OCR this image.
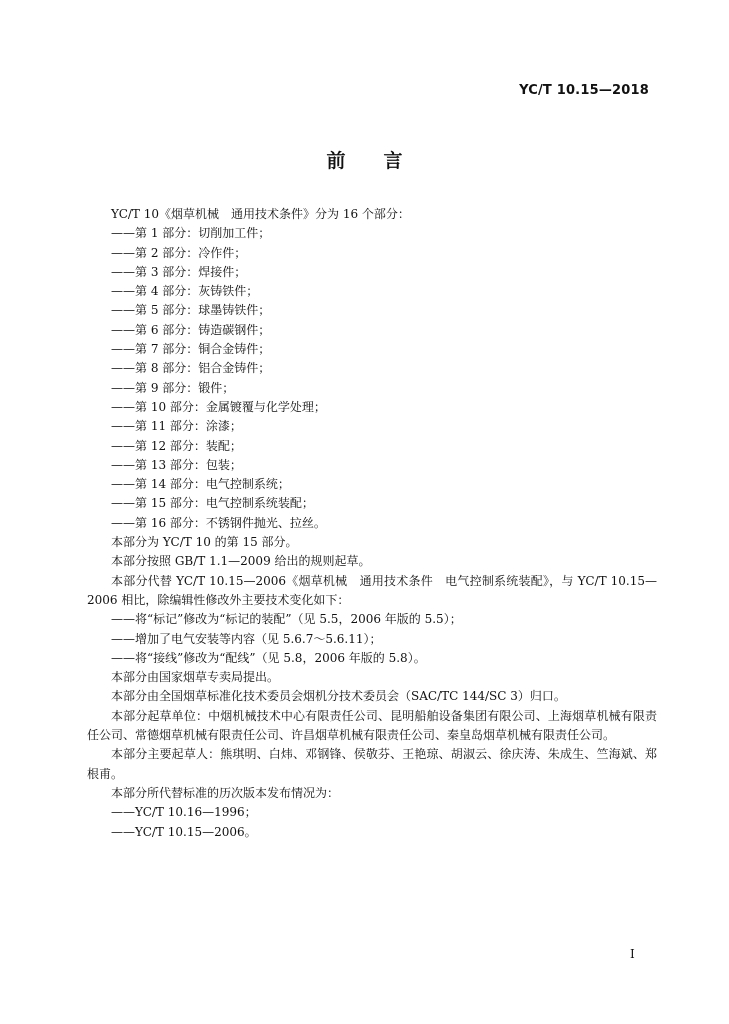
YC/T 10.15—2018
前言

YC/T 10《烟草机械　通用技术条件》分为 16 个部分：

——第 1 部分：切削加工件；

——第 2 部分：冷作件；

——第 3 部分：焊接件；

——第 4 部分：灰铸铁件；

——第 5 部分：球墨铸铁件；

——第 6 部分：铸造碳钢件；

——第 7 部分：铜合金铸件；

——第 8 部分：铝合金铸件；

——第 9 部分：锻件；

——第 10 部分：金属镀覆与化学处理；

——第 11 部分：涂漆；

——第 12 部分：装配；

——第 13 部分：包装；

——第 14 部分：电气控制系统；

——第 15 部分：电气控制系统装配；

——第 16 部分：不锈钢件抛光、拉丝。

本部分为 YC/T 10 的第 15 部分。

本部分按照 GB/T 1.1—2009 给出的规则起草。

本部分代替 YC/T 10.15—2006《烟草机械　通用技术条件　电气控制系统装配》，与 YC/T 10.15—2006 相比，除编辑性修改外主要技术变化如下：

——将“标记”修改为“标记的装配”（见 5.5，2006 年版的 5.5）；

——增加了电气安装等内容（见 5.6.7～5.6.11）；

——将“接线”修改为“配线”（见 5.8，2006 年版的 5.8）。

本部分由国家烟草专卖局提出。

本部分由全国烟草标准化技术委员会烟机分技术委员会（SAC/TC 144/SC 3）归口。

本部分起草单位：中烟机械技术中心有限责任公司、昆明船舶设备集团有限公司、上海烟草机械有限责任公司、常德烟草机械有限责任公司、许昌烟草机械有限责任公司、秦皇岛烟草机械有限责任公司。

本部分主要起草人：熊琪明、白炜、邓钢锋、侯敬芬、王艳琼、胡淑云、徐庆涛、朱成生、竺海斌、郑根甫。

本部分所代替标准的历次版本发布情况为：

——YC/T 10.16—1996；

——YC/T 10.15—2006。

I
